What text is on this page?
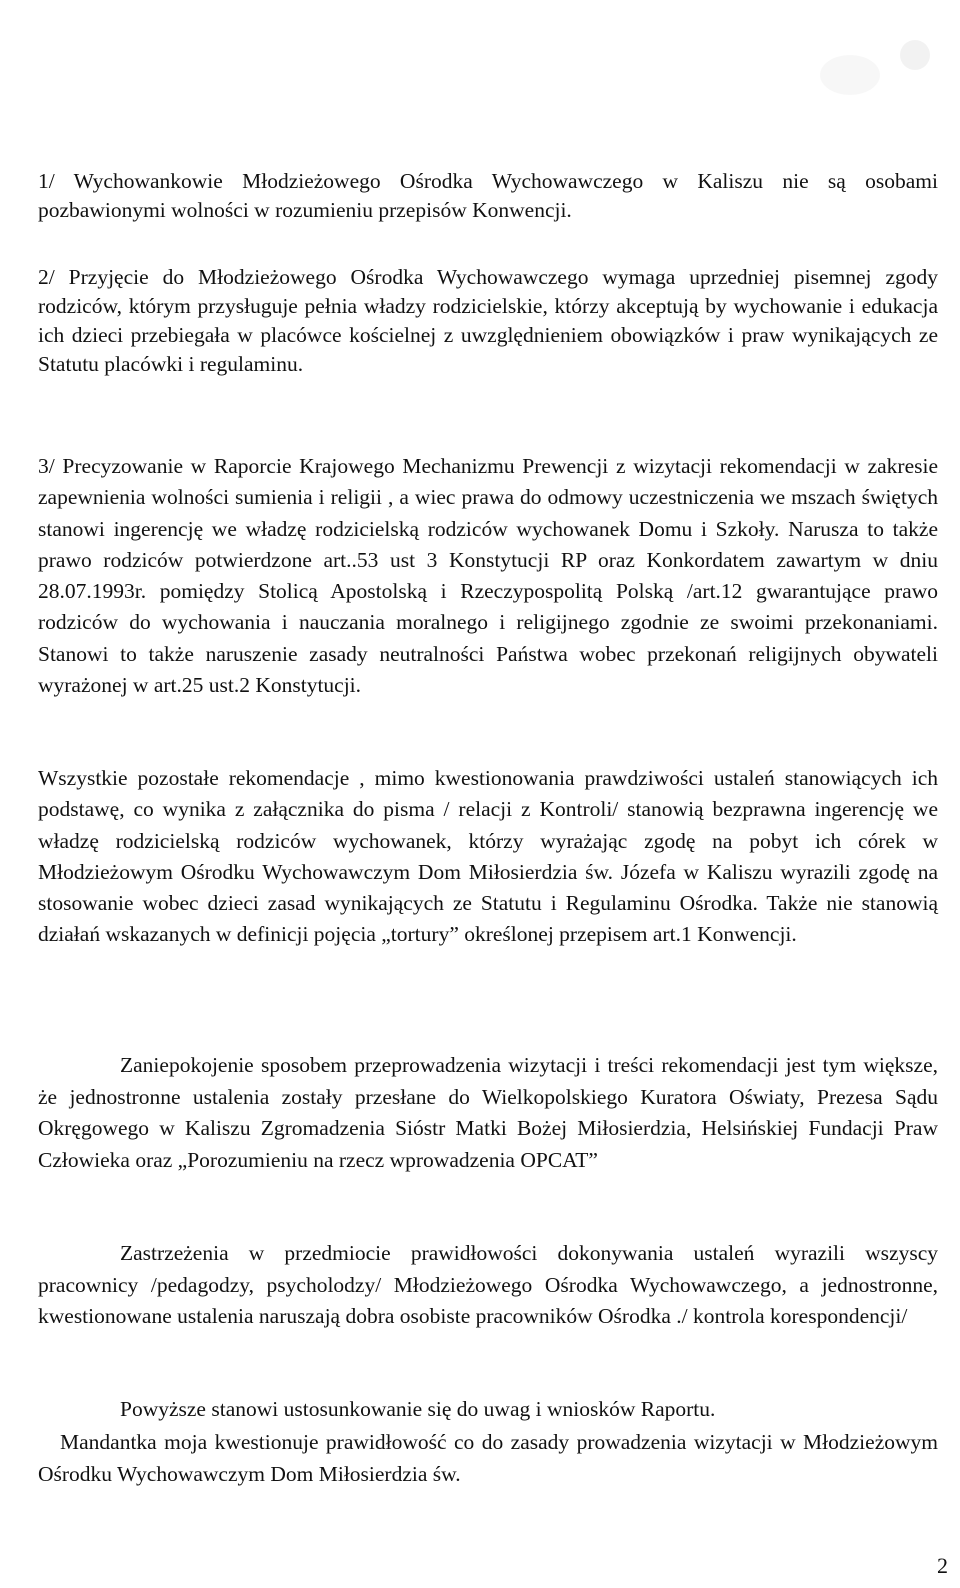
1/ Wychowankowie Młodzieżowego Ośrodka Wychowawczego w Kaliszu nie są osobami pozbawionymi wolności w rozumieniu przepisów Konwencji.

2/ Przyjęcie do Młodzieżowego Ośrodka Wychowawczego wymaga uprzedniej pisemnej zgody rodziców, którym przysługuje pełnia władzy rodzicielskie, którzy akceptują by wychowanie i edukacja ich dzieci przebiegała w placówce kościelnej z uwzględnieniem obowiązków i praw wynikających ze Statutu placówki i regulaminu.

3/ Precyzowanie w Raporcie Krajowego Mechanizmu Prewencji z wizytacji rekomendacji w zakresie zapewnienia wolności sumienia i religii , a wiec prawa do odmowy uczestniczenia we mszach świętych stanowi ingerencję we władzę rodzicielską rodziców wychowanek Domu i Szkoły. Narusza to także prawo rodziców potwierdzone art..53 ust 3 Konstytucji RP oraz Konkordatem zawartym w dniu 28.07.1993r. pomiędzy Stolicą Apostolską i Rzeczypospolitą Polską /art.12 gwarantujące prawo rodziców do wychowania i nauczania moralnego i religijnego zgodnie ze swoimi przekonaniami. Stanowi to także naruszenie zasady neutralności Państwa wobec przekonań religijnych obywateli wyrażonej w art.25 ust.2 Konstytucji.

Wszystkie pozostałe rekomendacje , mimo kwestionowania prawdziwości ustaleń stanowiących ich podstawę, co wynika z załącznika do pisma / relacji z Kontroli/ stanowią bezprawna ingerencję we władzę rodzicielską rodziców wychowanek, którzy wyrażając zgodę na pobyt ich córek w Młodzieżowym Ośrodku Wychowawczym Dom Miłosierdzia św. Józefa w Kaliszu wyrazili zgodę na stosowanie wobec dzieci zasad wynikających ze Statutu i Regulaminu Ośrodka. Także nie stanowią działań wskazanych w definicji pojęcia „tortury” określonej przepisem art.1 Konwencji.

Zaniepokojenie sposobem przeprowadzenia wizytacji i treści rekomendacji jest tym większe, że jednostronne ustalenia zostały przesłane do Wielkopolskiego Kuratora Oświaty, Prezesa Sądu Okręgowego w Kaliszu Zgromadzenia Sióstr Matki Bożej Miłosierdzia, Helsińskiej Fundacji Praw Człowieka oraz „Porozumieniu na rzecz wprowadzenia OPCAT”

Zastrzeżenia w przedmiocie prawidłowości dokonywania ustaleń wyrazili wszyscy pracownicy /pedagodzy, psycholodzy/ Młodzieżowego Ośrodka Wychowawczego, a jednostronne, kwestionowane ustalenia naruszają dobra osobiste pracowników Ośrodka ./ kontrola korespondencji/

Powyższe stanowi ustosunkowanie się do uwag i wniosków Raportu.

Mandantka moja kwestionuje prawidłowość co do zasady prowadzenia wizytacji w Młodzieżowym Ośrodku Wychowawczym Dom Miłosierdzia św.

2
